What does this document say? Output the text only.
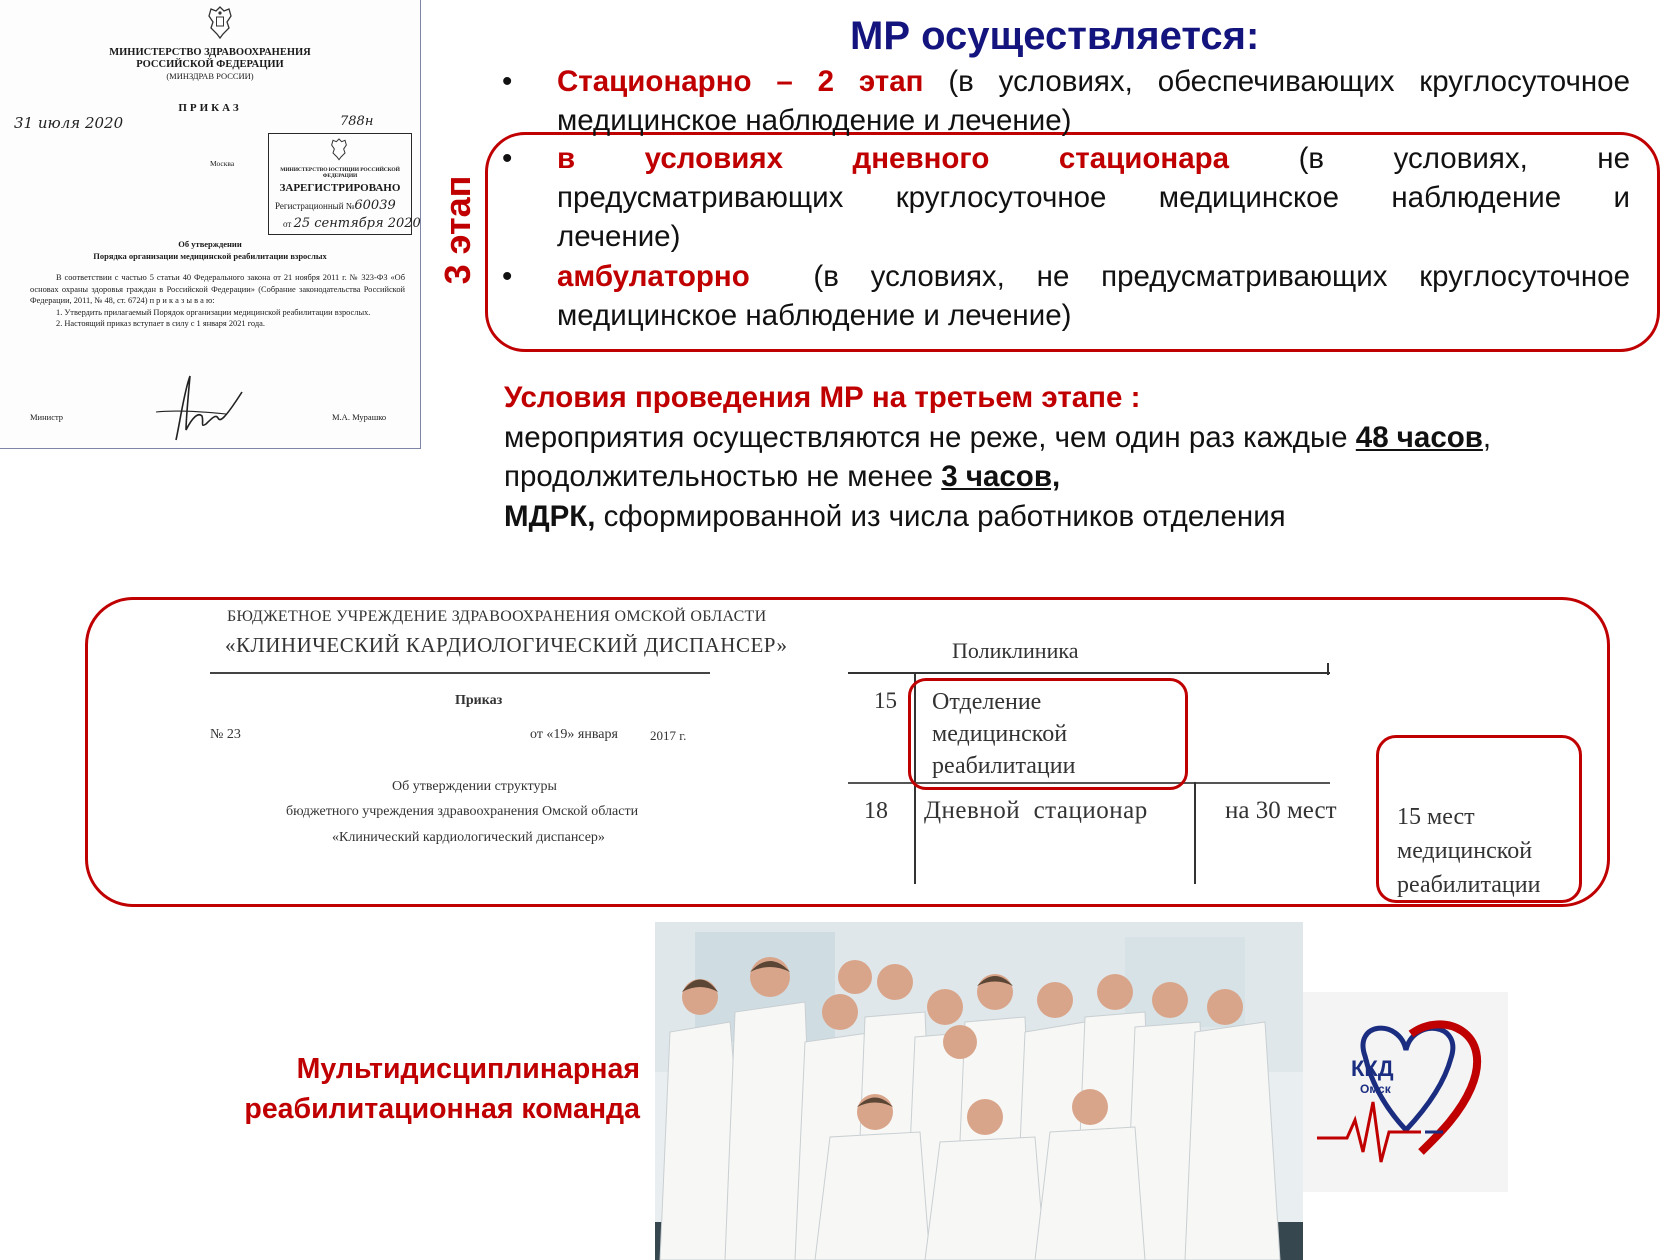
МИНИСТЕРСТВО ЗДРАВООХРАНЕНИЯ
РОССИЙСКОЙ ФЕДЕРАЦИИ
(МИНЗДРАВ РОССИИ)
ПРИКАЗ
31 июля 2020	788н
Москва
МИНИСТЕРСТВО ЮСТИЦИИ РОССИЙСКОЙ ФЕДЕРАЦИИ
ЗАРЕГИСТРИРОВАНО
Регистрационный №60039
от 25 сентября 2020
Об утверждении
Порядка организации медицинской реабилитации взрослых

В соответствии с частью 5 статьи 40 Федерального закона от 21 ноября 2011 г. № 323-ФЗ «Об основах охраны здоровья граждан в Российской Федерации» (Собрание законодательства Российской Федерации, 2011, № 48, ст. 6724) п р и к а з ы в а ю:

1. Утвердить прилагаемый Порядок организации медицинской реабилитации взрослых.

2. Настоящий приказ вступает в силу с 1 января 2021 года.

Министр	М.А. Мурашко
МР осуществляется:
3 этап
• Стационарно – 2 этап (в условиях, обеспечивающих круглосуточное медицинское наблюдение и лечение)
• в условиях дневного стационара (в условиях, не
предусматривающих круглосуточное медицинское наблюдение и
лечение)
• амбулаторно  (в условиях, не предусматривающих круглосуточное медицинское наблюдение и лечение)
Условия проведения МР на третьем этапе :
мероприятия осуществляются не реже, чем один раз каждые 48 часов,
продолжительностью не менее 3 часов,
МДРК, сформированной из числа работников отделения
БЮДЖЕТНОЕ УЧРЕЖДЕНИЕ ЗДРАВООХРАНЕНИЯ ОМСКОЙ ОБЛАСТИ
«КЛИНИЧЕСКИЙ КАРДИОЛОГИЧЕСКИЙ ДИСПАНСЕР»
Приказ
№ 23	от «19» января 2017 г.
Об утверждении структуры
бюджетного учреждения здравоохранения Омской области
«Клинический кардиологический диспансер»
Поликлиника
15 Отделение медицинской реабилитации
18 Дневной  стационар	на 30 мест	15 мест медицинской реабилитации
Мультидисциплинарная реабилитационная команда
ККД
Омск
